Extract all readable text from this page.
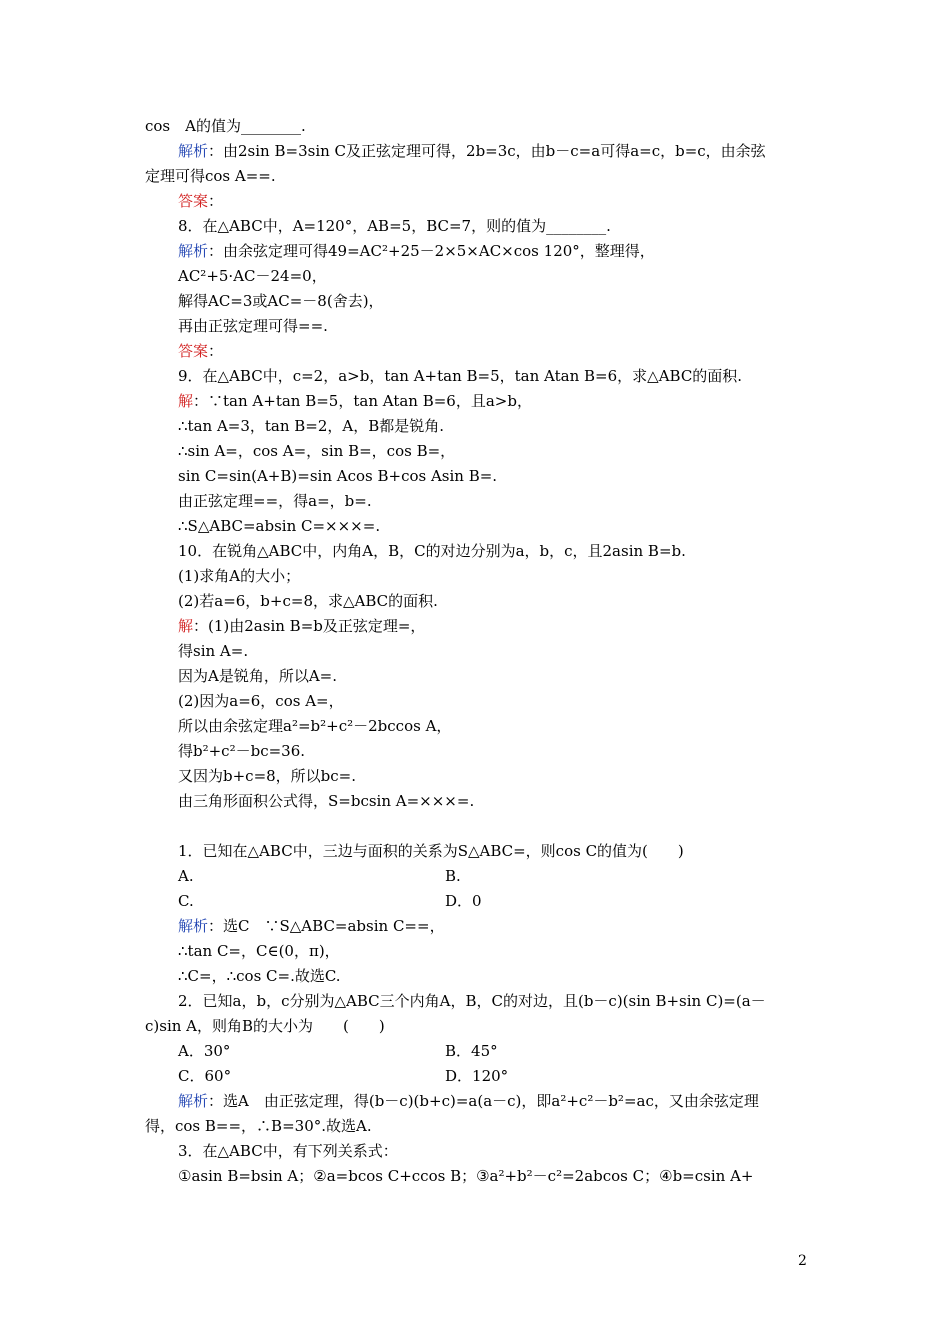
cos　A的值为________.
解析：由2sin B=3sin C及正弦定理可得，2b=3c，由b－c=a可得a=c，b=c，由余弦
定理可得cos A==.
答案：
8．在△ABC中，A=120°，AB=5，BC=7，则的值为________.
解析：由余弦定理可得49=AC²+25－2×5×AC×cos 120°，整理得，
AC²+5·AC－24=0，
解得AC=3或AC=－8(舍去)，
再由正弦定理可得==.
答案：
9．在△ABC中，c=2，a>b，tan A+tan B=5，tan Atan B=6，求△ABC的面积.
解：∵tan A+tan B=5，tan Atan B=6，且a>b，
∴tan A=3，tan B=2，A，B都是锐角.
∴sin A=，cos A=，sin B=，cos B=，
sin C=sin(A+B)=sin Acos B+cos Asin B=.
由正弦定理==，得a=，b=.
∴S△ABC=absin C=×××=.
10．在锐角△ABC中，内角A，B，C的对边分别为a，b，c，且2asin B=b.
(1)求角A的大小；
(2)若a=6，b+c=8，求△ABC的面积.
解：(1)由2asin B=b及正弦定理=，
得sin A=.
因为A是锐角，所以A=.
(2)因为a=6，cos A=，
所以由余弦定理a²=b²+c²－2bccos A，
得b²+c²－bc=36.
又因为b+c=8，所以bc=.
由三角形面积公式得，S=bcsin A=×××=.
1．已知在△ABC中，三边与面积的关系为S△ABC=，则cos C的值为(　　)
A.	B.
C.	D．0
解析：选C　∵S△ABC=absin C==，
∴tan C=，C∈(0，π)，
∴C=，∴cos C=.故选C.
2．已知a，b，c分别为△ABC三个内角A，B，C的对边，且(b－c)(sin B+sin C)=(a－
c)sin A，则角B的大小为　　(　　)
A．30°	B．45°
C．60°	D．120°
解析：选A　由正弦定理，得(b－c)(b+c)=a(a－c)，即a²+c²－b²=ac，又由余弦定理
得，cos B==，∴B=30°.故选A.
3．在△ABC中，有下列关系式：
①asin B=bsin A；②a=bcos C+ccos B；③a²+b²－c²=2abcos C；④b=csin A+
2
